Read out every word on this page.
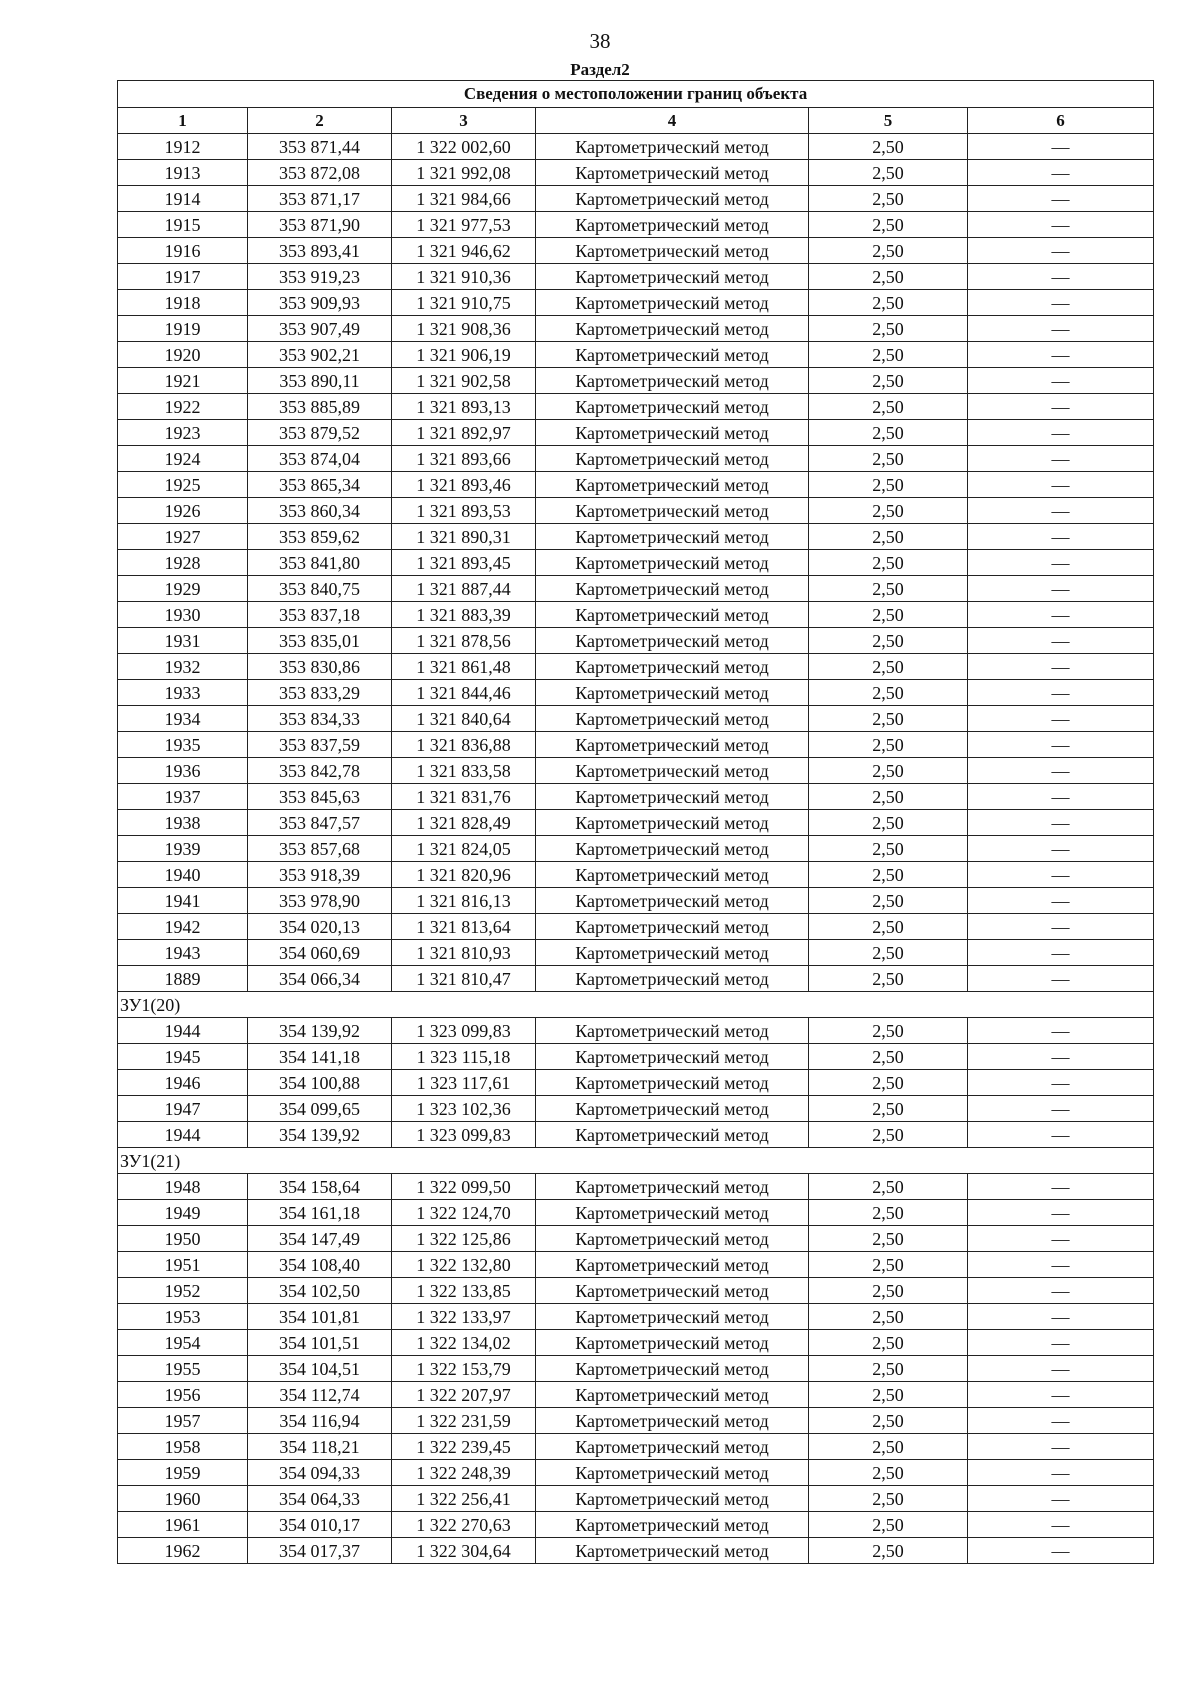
38
Раздел2
Сведения о местоположении границ объекта					
1	2	3	4	5	6
1912	353 871,44	1 322 002,60	Картометрический метод	2,50	—
1913	353 872,08	1 321 992,08	Картометрический метод	2,50	—
1914	353 871,17	1 321 984,66	Картометрический метод	2,50	—
1915	353 871,90	1 321 977,53	Картометрический метод	2,50	—
1916	353 893,41	1 321 946,62	Картометрический метод	2,50	—
1917	353 919,23	1 321 910,36	Картометрический метод	2,50	—
1918	353 909,93	1 321 910,75	Картометрический метод	2,50	—
1919	353 907,49	1 321 908,36	Картометрический метод	2,50	—
1920	353 902,21	1 321 906,19	Картометрический метод	2,50	—
1921	353 890,11	1 321 902,58	Картометрический метод	2,50	—
1922	353 885,89	1 321 893,13	Картометрический метод	2,50	—
1923	353 879,52	1 321 892,97	Картометрический метод	2,50	—
1924	353 874,04	1 321 893,66	Картометрический метод	2,50	—
1925	353 865,34	1 321 893,46	Картометрический метод	2,50	—
1926	353 860,34	1 321 893,53	Картометрический метод	2,50	—
1927	353 859,62	1 321 890,31	Картометрический метод	2,50	—
1928	353 841,80	1 321 893,45	Картометрический метод	2,50	—
1929	353 840,75	1 321 887,44	Картометрический метод	2,50	—
1930	353 837,18	1 321 883,39	Картометрический метод	2,50	—
1931	353 835,01	1 321 878,56	Картометрический метод	2,50	—
1932	353 830,86	1 321 861,48	Картометрический метод	2,50	—
1933	353 833,29	1 321 844,46	Картометрический метод	2,50	—
1934	353 834,33	1 321 840,64	Картометрический метод	2,50	—
1935	353 837,59	1 321 836,88	Картометрический метод	2,50	—
1936	353 842,78	1 321 833,58	Картометрический метод	2,50	—
1937	353 845,63	1 321 831,76	Картометрический метод	2,50	—
1938	353 847,57	1 321 828,49	Картометрический метод	2,50	—
1939	353 857,68	1 321 824,05	Картометрический метод	2,50	—
1940	353 918,39	1 321 820,96	Картометрический метод	2,50	—
1941	353 978,90	1 321 816,13	Картометрический метод	2,50	—
1942	354 020,13	1 321 813,64	Картометрический метод	2,50	—
1943	354 060,69	1 321 810,93	Картометрический метод	2,50	—
1889	354 066,34	1 321 810,47	Картометрический метод	2,50	—
ЗУ1(20)					
1944	354 139,92	1 323 099,83	Картометрический метод	2,50	—
1945	354 141,18	1 323 115,18	Картометрический метод	2,50	—
1946	354 100,88	1 323 117,61	Картометрический метод	2,50	—
1947	354 099,65	1 323 102,36	Картометрический метод	2,50	—
1944	354 139,92	1 323 099,83	Картометрический метод	2,50	—
ЗУ1(21)					
1948	354 158,64	1 322 099,50	Картометрический метод	2,50	—
1949	354 161,18	1 322 124,70	Картометрический метод	2,50	—
1950	354 147,49	1 322 125,86	Картометрический метод	2,50	—
1951	354 108,40	1 322 132,80	Картометрический метод	2,50	—
1952	354 102,50	1 322 133,85	Картометрический метод	2,50	—
1953	354 101,81	1 322 133,97	Картометрический метод	2,50	—
1954	354 101,51	1 322 134,02	Картометрический метод	2,50	—
1955	354 104,51	1 322 153,79	Картометрический метод	2,50	—
1956	354 112,74	1 322 207,97	Картометрический метод	2,50	—
1957	354 116,94	1 322 231,59	Картометрический метод	2,50	—
1958	354 118,21	1 322 239,45	Картометрический метод	2,50	—
1959	354 094,33	1 322 248,39	Картометрический метод	2,50	—
1960	354 064,33	1 322 256,41	Картометрический метод	2,50	—
1961	354 010,17	1 322 270,63	Картометрический метод	2,50	—
1962	354 017,37	1 322 304,64	Картометрический метод	2,50	—
